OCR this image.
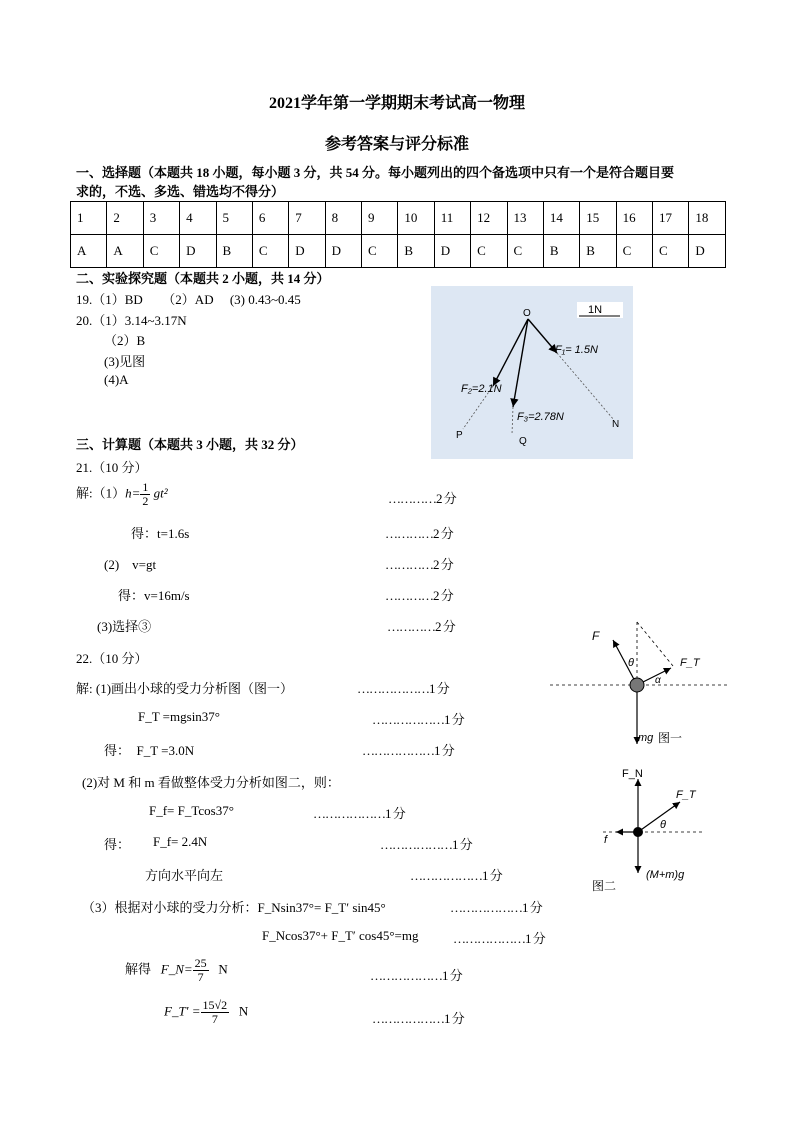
2021学年第一学期期末考试高一物理
参考答案与评分标准
一、选择题（本题共 18 小题，每小题 3 分，共 54 分。每小题列出的四个备选项中只有一个是符合题目要
求的，不选、多选、错选均不得分）
1	2	3	4	5	6	7	8	9	10	11	12	13	14	15	16	17	18
A	A	C	D	B	C	D	D	C	B	D	C	C	B	B	C	C	D
二、实验探究题（本题共 2 小题，共 14 分）
19.（1）BD　　（2）AD　 (3) 0.43~0.45
20.（1）3.14~3.17N
（2）B
(3)见图
(4)A
1N
O
F₁= 1.5N
F₂=2.1N
F₃=2.78N
P
Q
N
三、计算题（本题共 3 小题，共 32 分）
21.（10 分）
解:（1）h= $\frac{1}{2} gt^2$	…………2 分
得：t=1.6s	…………2 分
(2)　v=gt	…………2 分
得：v=16m/s	…………2 分
(3)选择③	…………2 分
22.（10 分）
解: (1)画出小球的受力分析图（图一）	………………1 分
F_T =mgsin37°	………………1 分
得：　F_T =3.0N	………………1 分
(2)对 M 和 m 看做整体受力分析如图二，则：
F_f= F_Tcos37°	………………1 分
得： F_f= 2.4N	………………1 分
方向水平向左	………………1 分
（3）根据对小球的受力分析：F_Nsin37°= F_T′ sin45°	………………1 分
F_Ncos37°+ F_T′ cos45°=mg	………………1 分
解得 F_N= $\frac{25}{7}$ N	………………1 分
F_T′ = $\frac{15√2}{7}$ N
………………1 分
F
θ	F_T
α
mg 图一
F_N
F_T
θ
f
(M+m)g
图二
